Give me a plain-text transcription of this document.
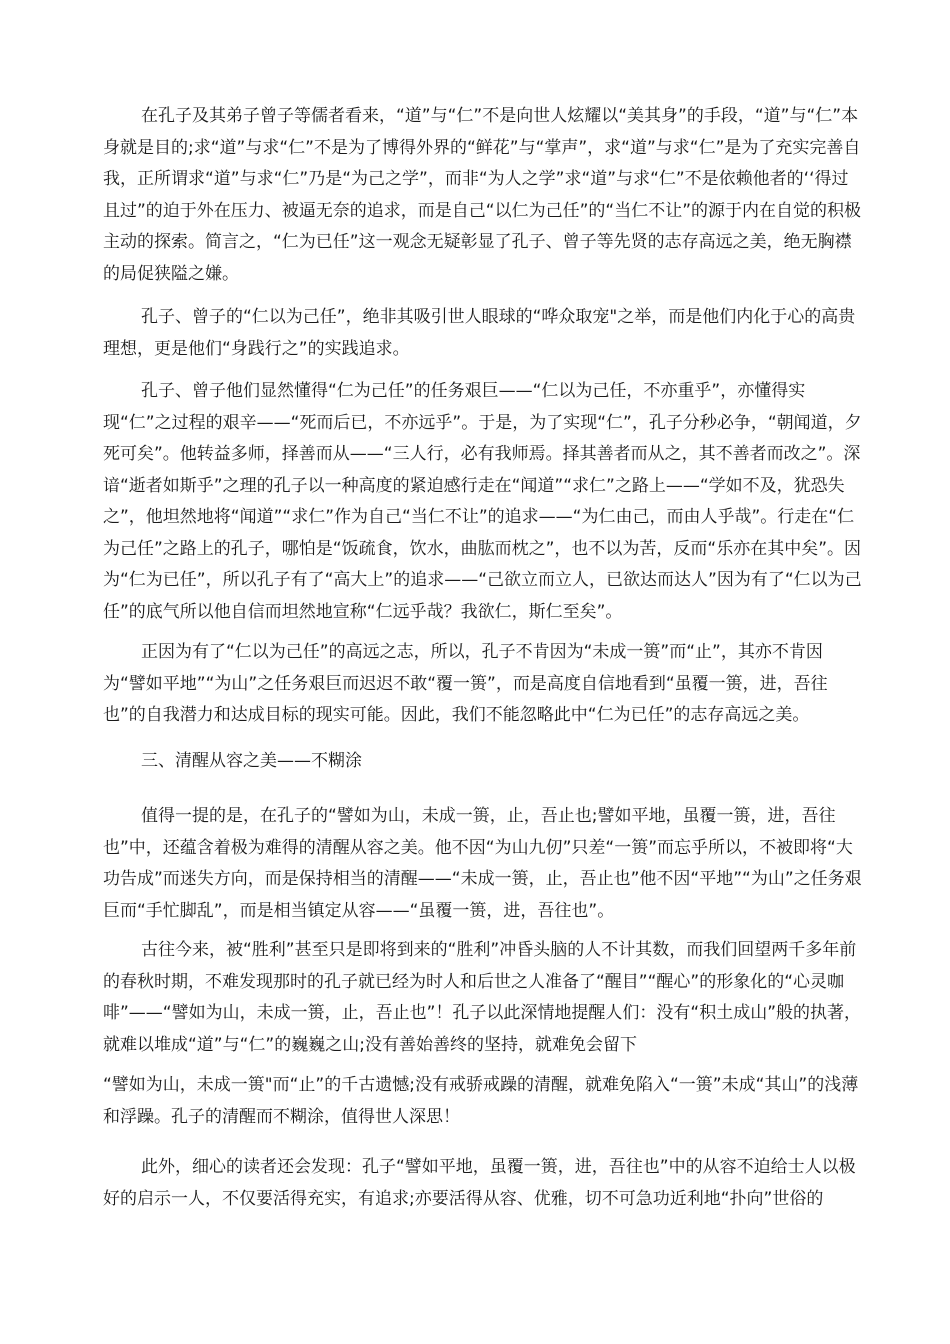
在孔子及其弟子曾子等儒者看来，“道”与“仁”不是向世人炫耀以“美其身”的手段，“道”与“仁”本身就是目的;求“道”与求“仁”不是为了博得外界的“鲜花”与“掌声”，求“道”与求“仁”是为了充实完善自我，正所谓求“道”与求“仁”乃是“为己之学”，而非“为人之学”求“道”与求“仁”不是依赖他者的‘‘得过且过”的迫于外在压力、被逼无奈的追求，而是自己“以仁为己任”的“当仁不让”的源于内在自觉的积极主动的探索。简言之，“仁为已任”这一观念无疑彰显了孔子、曾子等先贤的志存高远之美，绝无胸襟的局促狭隘之嫌。

孔子、曾子的“仁以为己任”，绝非其吸引世人眼球的“哗众取宠"之举，而是他们内化于心的高贵理想，更是他们“身践行之”的实践追求。

孔子、曾子他们显然懂得“仁为己任”的任务艰巨——“仁以为己任，不亦重乎”，亦懂得实现“仁”之过程的艰辛——“死而后已，不亦远乎”。于是，为了实现“仁”，孔子分秒必争，“朝闻道，夕死可矣”。他转益多师，择善而从——“三人行，必有我师焉。择其善者而从之，其不善者而改之”。深谙“逝者如斯乎”之理的孔子以一种高度的紧迫感行走在“闻道”“求仁”之路上——“学如不及，犹恐失之”，他坦然地将“闻道”“求仁”作为自己“当仁不让”的追求——“为仁由己，而由人乎哉”。行走在“仁为己任”之路上的孔子，哪怕是“饭疏食，饮水，曲肱而枕之”，也不以为苦，反而“乐亦在其中矣”。因为“仁为已任”，所以孔子有了“高大上”的追求——“己欲立而立人，已欲达而达人”因为有了“仁以为己任”的底气所以他自信而坦然地宣称“仁远乎哉？我欲仁，斯仁至矣”。

正因为有了“仁以为己任”的高远之志，所以，孔子不肯因为“未成一篑”而“止”，其亦不肯因为“譬如平地”“为山”之任务艰巨而迟迟不敢“覆一篑”，而是高度自信地看到“虽覆一篑，进，吾往也”的自我潜力和达成目标的现实可能。因此，我们不能忽略此中“仁为已任”的志存高远之美。

三、清醒从容之美——不糊涂

值得一提的是，在孔子的“譬如为山，未成一篑，止，吾止也;譬如平地，虽覆一篑，进，吾往也”中，还蕴含着极为难得的清醒从容之美。他不因“为山九仞”只差“一篑”而忘乎所以，不被即将“大功告成”而迷失方向，而是保持相当的清醒——“未成一篑，止，吾止也”他不因“平地”“为山”之任务艰巨而“手忙脚乱”，而是相当镇定从容——“虽覆一篑，进，吾往也”。

古往今来，被“胜利”甚至只是即将到来的“胜利”冲昏头脑的人不计其数，而我们回望两千多年前的春秋时期，不难发现那时的孔子就已经为时人和后世之人准备了“醒目”“醒心”的形象化的“心灵咖啡”——“譬如为山，未成一篑，止，吾止也”！孔子以此深情地提醒人们：没有“积土成山”般的执著，就难以堆成“道”与“仁”的巍巍之山;没有善始善终的坚持，就难免会留下

“譬如为山，未成一篑"而“止”的千古遗憾;没有戒骄戒躁的清醒，就难免陷入“一篑”未成“其山”的浅薄和浮躁。孔子的清醒而不糊涂，值得世人深思！

此外，细心的读者还会发现：孔子“譬如平地，虽覆一篑，进，吾往也”中的从容不迫给士人以极好的启示一人，不仅要活得充实，有追求;亦要活得从容、优雅，切不可急功近利地“扑向”世俗的
